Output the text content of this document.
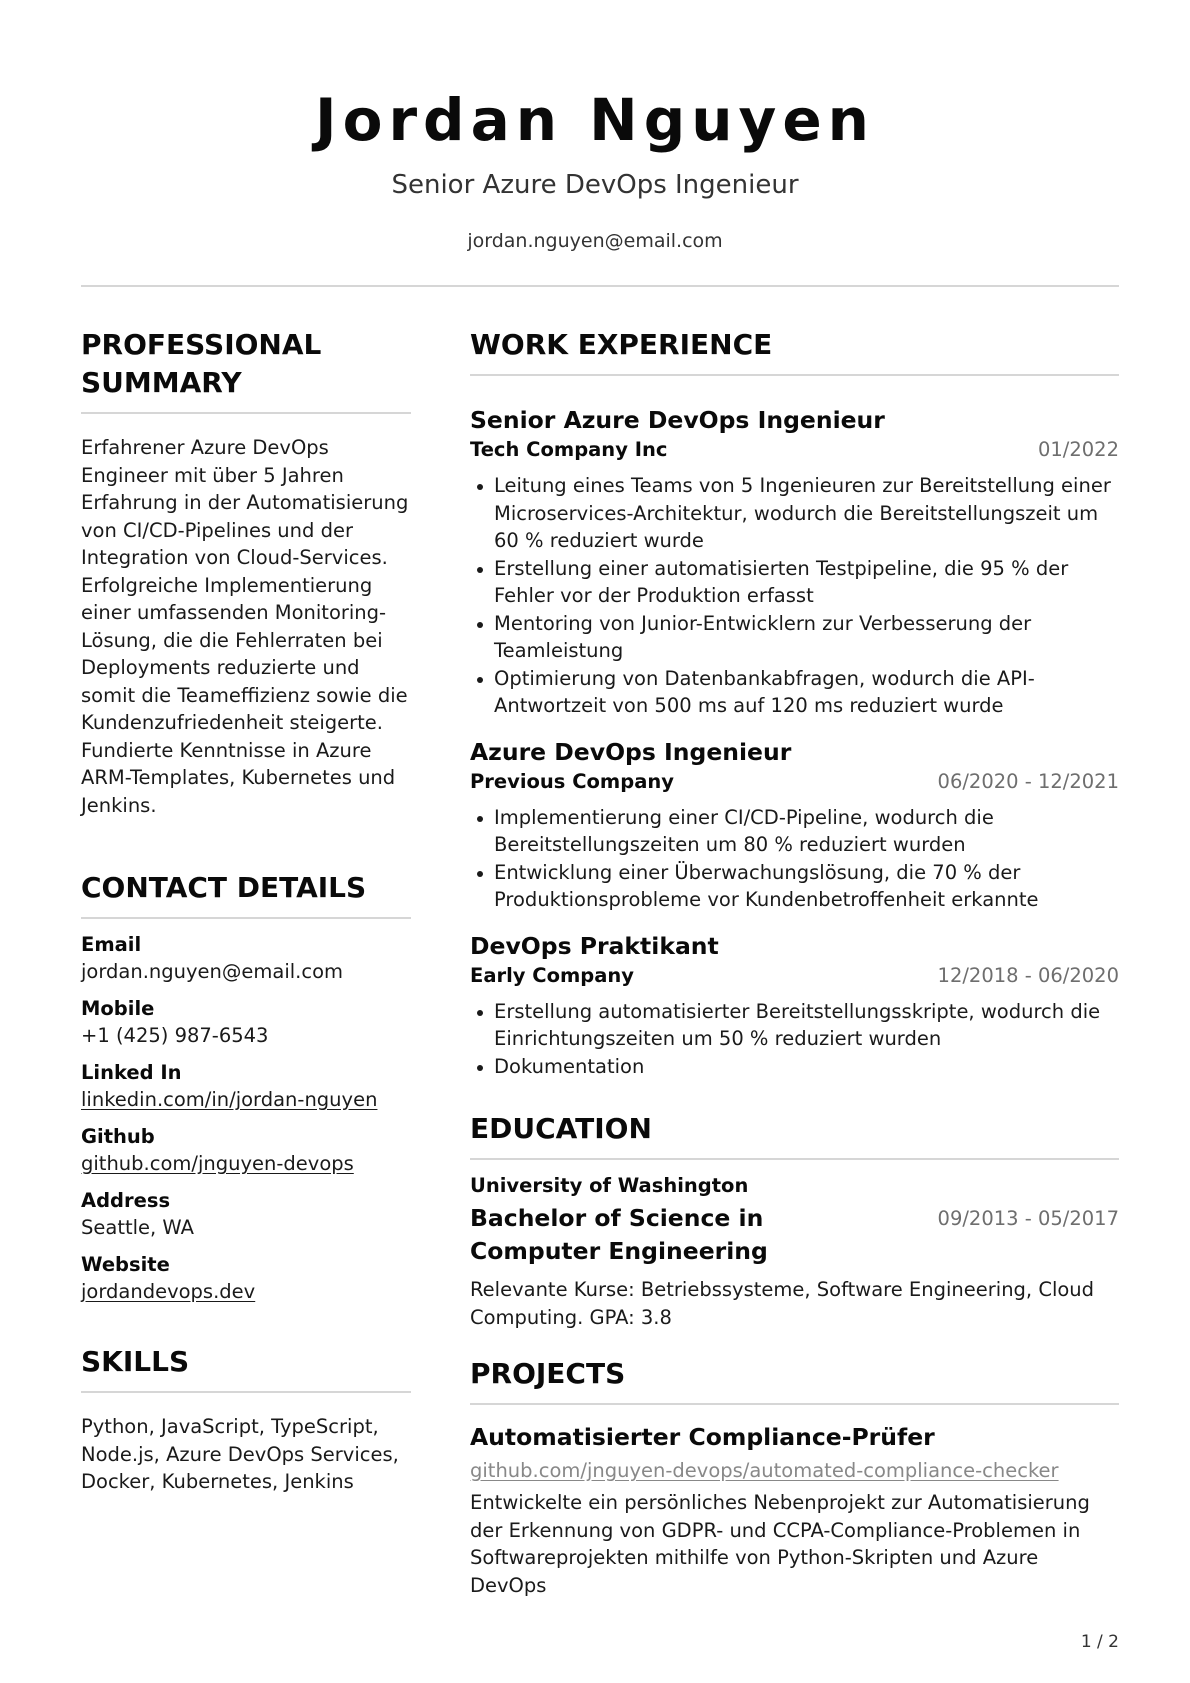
Jordan Nguyen
Senior Azure DevOps Ingenieur
jordan.nguyen@email.com
PROFESSIONAL SUMMARY
Erfahrener Azure DevOps Engineer mit über 5 Jahren Erfahrung in der Automatisierung von CI/CD-Pipelines und der Integration von Cloud-Services. Erfolgreiche Implementierung einer umfassenden Monitoring-Lösung, die die Fehlerraten bei Deployments reduzierte und somit die Teameffizienz sowie die Kundenzufriedenheit steigerte. Fundierte Kenntnisse in Azure ARM-Templates, Kubernetes und Jenkins.
CONTACT DETAILS
Email
jordan.nguyen@email.com
Mobile
+1 (425) 987-6543
Linked In
linkedin.com/in/jordan-nguyen
Github
github.com/jnguyen-devops
Address
Seattle, WA
Website
jordandevops.dev
SKILLS
Python, JavaScript, TypeScript, Node.js, Azure DevOps Services, Docker, Kubernetes, Jenkins
WORK EXPERIENCE
Senior Azure DevOps Ingenieur
Tech Company Inc	01/2022
Leitung eines Teams von 5 Ingenieuren zur Bereitstellung einer Microservices-Architektur, wodurch die Bereitstellungszeit um 60 % reduziert wurde
Erstellung einer automatisierten Testpipeline, die 95 % der Fehler vor der Produktion erfasst
Mentoring von Junior-Entwicklern zur Verbesserung der Teamleistung
Optimierung von Datenbankabfragen, wodurch die API-Antwortzeit von 500 ms auf 120 ms reduziert wurde
Azure DevOps Ingenieur
Previous Company	06/2020 - 12/2021
Implementierung einer CI/CD-Pipeline, wodurch die Bereitstellungszeiten um 80 % reduziert wurden
Entwicklung einer Überwachungslösung, die 70 % der Produktionsprobleme vor Kundenbetroffenheit erkannte
DevOps Praktikant
Early Company	12/2018 - 06/2020
Erstellung automatisierter Bereitstellungsskripte, wodurch die Einrichtungszeiten um 50 % reduziert wurden
Dokumentation
EDUCATION
University of Washington
Bachelor of Science in Computer Engineering
09/2013 - 05/2017
Relevante Kurse: Betriebssysteme, Software Engineering, Cloud Computing. GPA: 3.8
PROJECTS
Automatisierter Compliance-Prüfer
github.com/jnguyen-devops/automated-compliance-checker
Entwickelte ein persönliches Nebenprojekt zur Automatisierung der Erkennung von GDPR- und CCPA-Compliance-Problemen in Softwareprojekten mithilfe von Python-Skripten und Azure DevOps
1 / 2
